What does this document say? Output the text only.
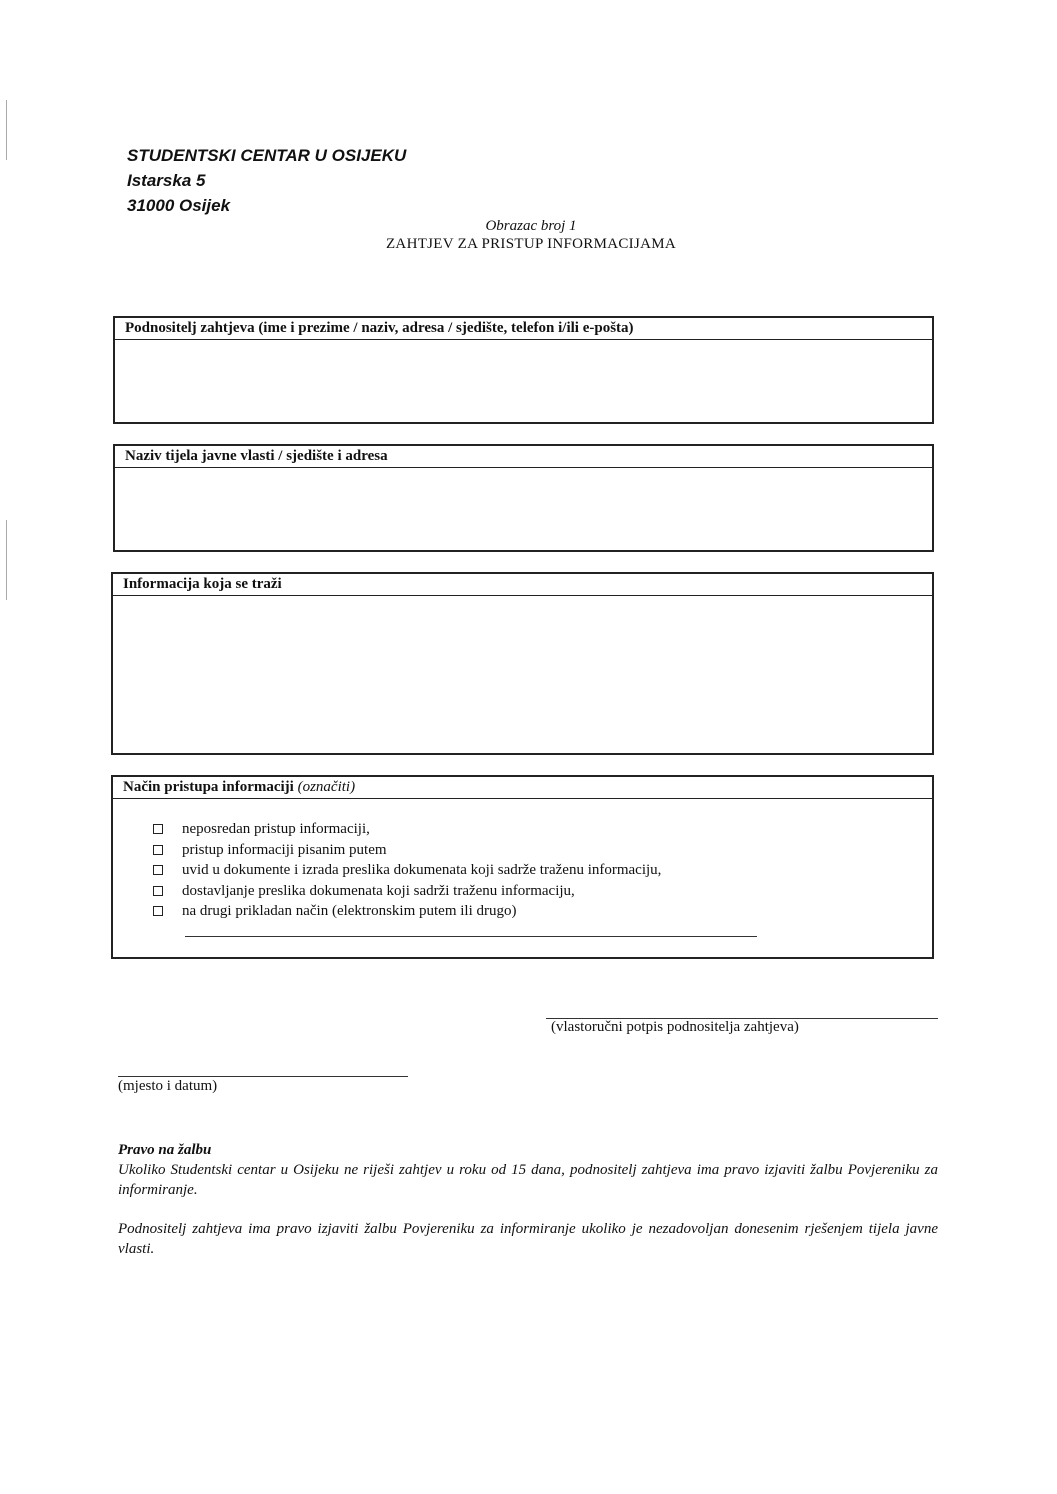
STUDENTSKI CENTAR U OSIJEKU
Istarska 5
31000 Osijek
Obrazac broj 1
ZAHTJEV ZA PRISTUP INFORMACIJAMA
Podnositelj zahtjeva (ime i prezime / naziv, adresa / sjedište, telefon i/ili e-pošta)
Naziv tijela javne vlasti / sjedište i adresa
Informacija koja se traži
Način pristupa informaciji (označiti)
neposredan pristup informaciji,
pristup informaciji pisanim putem
uvid u dokumente i izrada preslika dokumenata koji sadrže traženu informaciju,
dostavljanje preslika dokumenata koji sadrži traženu informaciju,
na drugi prikladan način (elektronskim putem ili drugo)
(vlastoručni potpis podnositelja zahtjeva)
(mjesto i datum)
Pravo na žalbu
Ukoliko Studentski centar u Osijeku ne riješi zahtjev u roku od 15 dana, podnositelj zahtjeva ima pravo izjaviti žalbu Povjereniku za informiranje.
Podnositelj zahtjeva ima pravo izjaviti žalbu Povjereniku za informiranje ukoliko je nezadovoljan donesenim rješenjem tijela javne vlasti.
